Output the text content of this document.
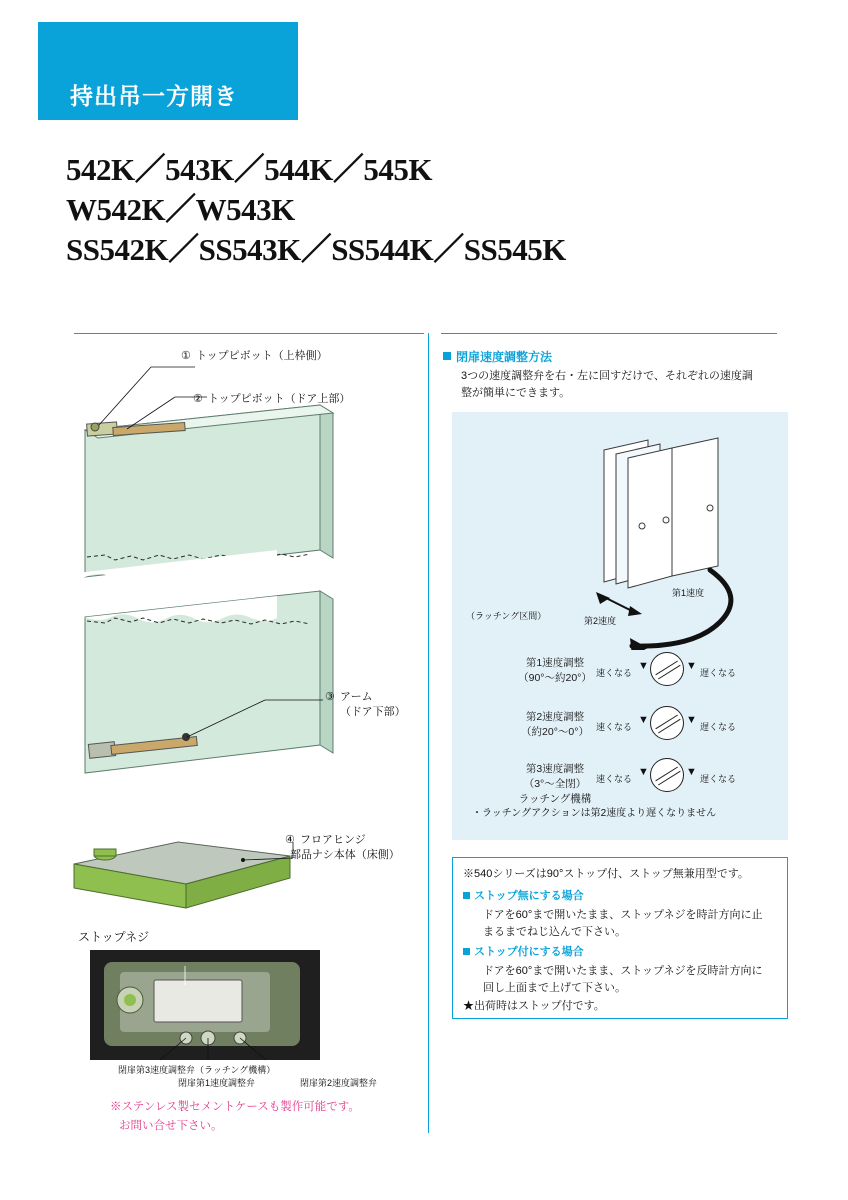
持出吊一方開き
542K／543K／544K／545K
W542K／W543K
SS542K／SS543K／SS544K／SS545K
トップピボット（上枠側）
①
トップピボット（ドア上部）
②
アーム
③
（ドア下部）
フロアヒンジ
④
部品ナシ本体（床側）
ストップネジ
閉扉第3速度調整弁（ラッチング機構）
閉扉第1速度調整弁	閉扉第2速度調整弁
※ステンレス製セメントケースも製作可能です。
お問い合せ下さい。
閉扉速度調整方法
3つの速度調整弁を右・左に回すだけで、それぞれの速度調
整が簡単にできます。
第1速度
第2速度
（ラッチング区間）
第1速度調整
（90°〜約20°） 速くなる
▼	▼
遅くなる
第2速度調整
（約20°〜0°） 速くなる
▼	▼
遅くなる
第3速度調整
（3°〜全閉）
ラッチング機構
速くなる
▼	▼
遅くなる
・ラッチングアクションは第2速度より遅くなりません
※540シリーズは90°ストップ付、ストップ無兼用型です。
ストップ無にする場合
ドアを60°まで開いたまま、ストップネジを時計方向に止
まるまでねじ込んで下さい。
ストップ付にする場合
ドアを60°まで開いたまま、ストップネジを反時計方向に
回し上面まで上げて下さい。
★出荷時はストップ付です。
